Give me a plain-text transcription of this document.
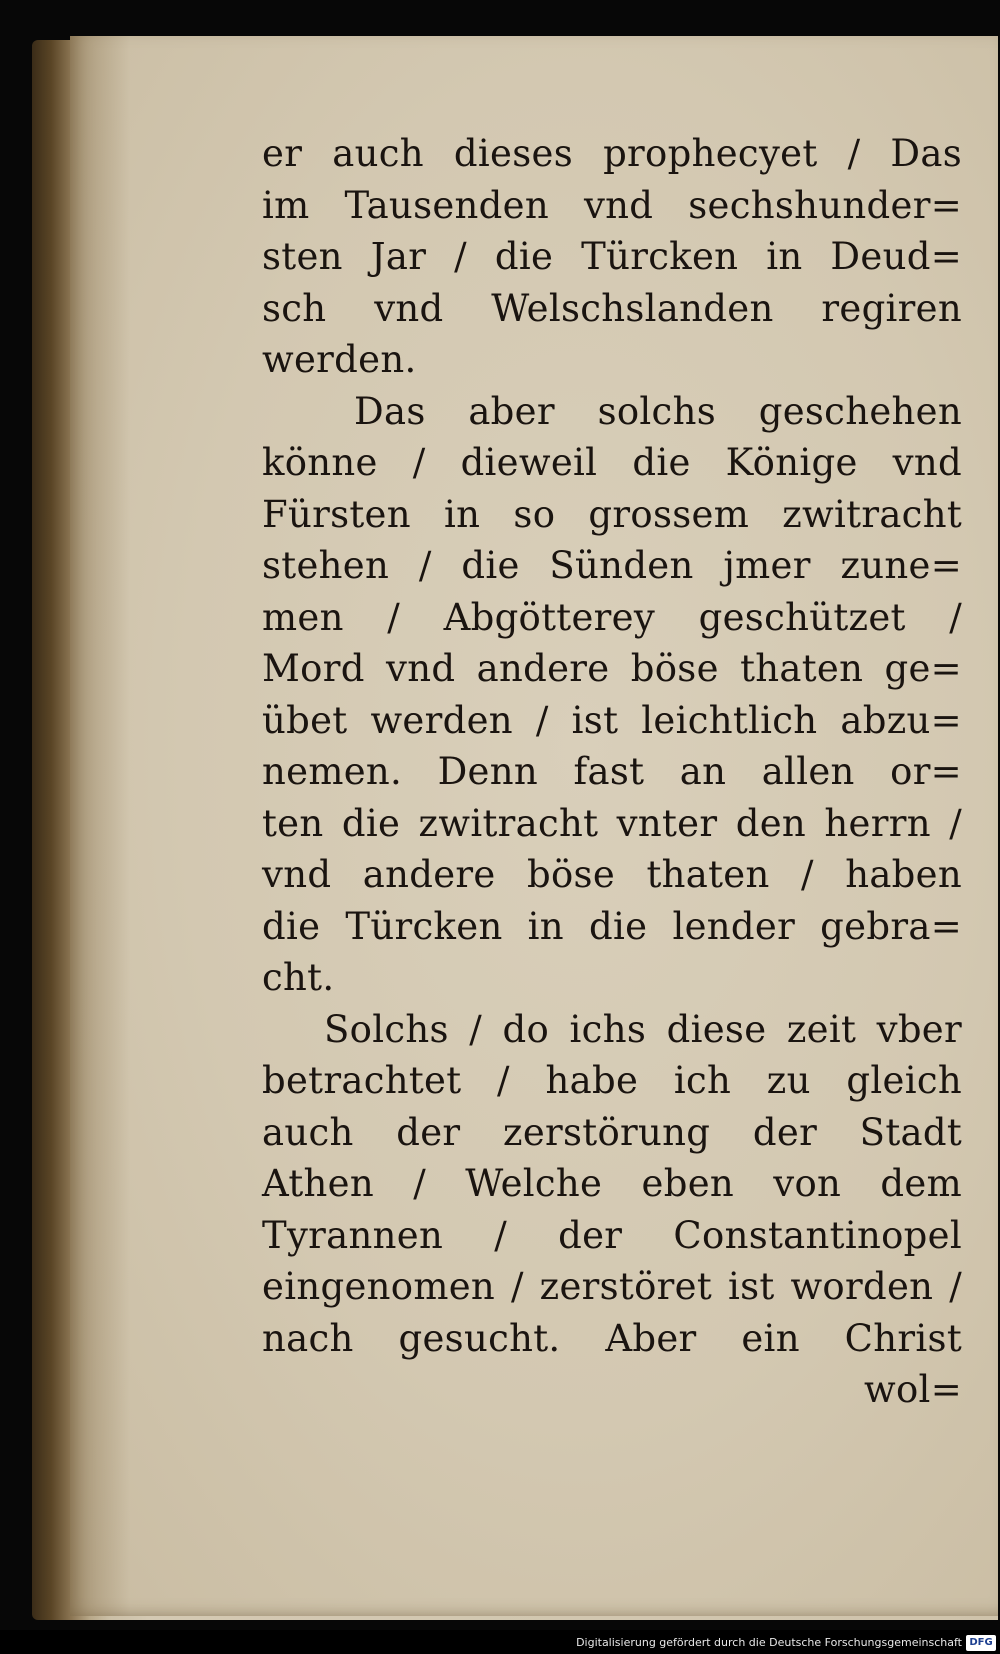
er auch dieses prophecyet / Das
im Tausenden vnd sechshunder=
sten Jar / die Türcken in Deud=
sch vnd Welschslanden regiren
werden.
Das aber solchs geschehen
könne / dieweil die Könige vnd
Fürsten in so grossem zwitracht
stehen / die Sünden jmer zune=
men / Abgötterey geschützet /
Mord vnd andere böse thaten ge=
übet werden / ist leichtlich abzu=
nemen. Denn fast an allen or=
ten die zwitracht vnter den herrn /
vnd andere böse thaten / haben
die Türcken in die lender gebra=
cht.
Solchs / do ichs diese zeit vber
betrachtet / habe ich zu gleich
auch der zerstörung der Stadt
Athen / Welche eben von dem
Tyrannen / der Constantinopel
eingenomen / zerstöret ist worden /
nach gesucht. Aber ein Christ
wol=
Digitalisierung gefördert durch die Deutsche Forschungsgemeinschaft DFG
